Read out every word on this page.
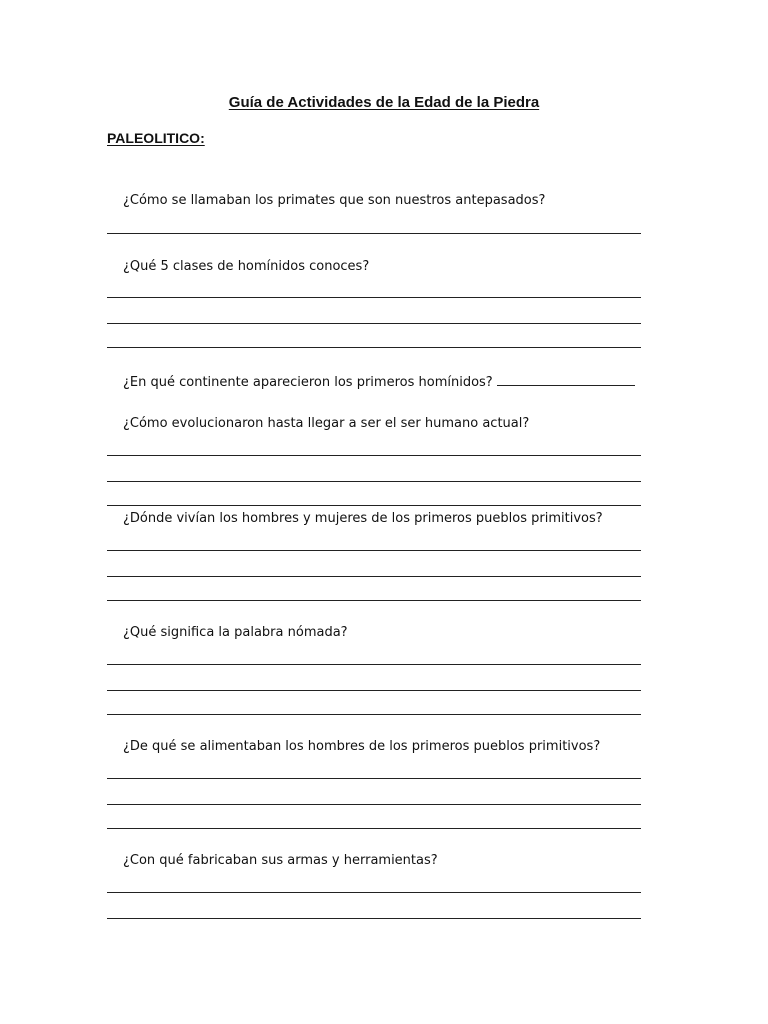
Guía de Actividades de la Edad de la Piedra
PALEOLITICO:

¿Cómo se llamaban los primates que son nuestros antepasados?

¿Qué 5 clases de homínidos conoces?

¿En qué continente aparecieron los primeros homínidos?

¿Cómo evolucionaron hasta llegar a ser el ser humano actual?

¿Dónde vivían los hombres y mujeres de los primeros pueblos primitivos?

¿Qué significa la palabra nómada?

¿De qué se alimentaban los hombres de los primeros pueblos primitivos?

¿Con qué fabricaban sus armas y herramientas?
